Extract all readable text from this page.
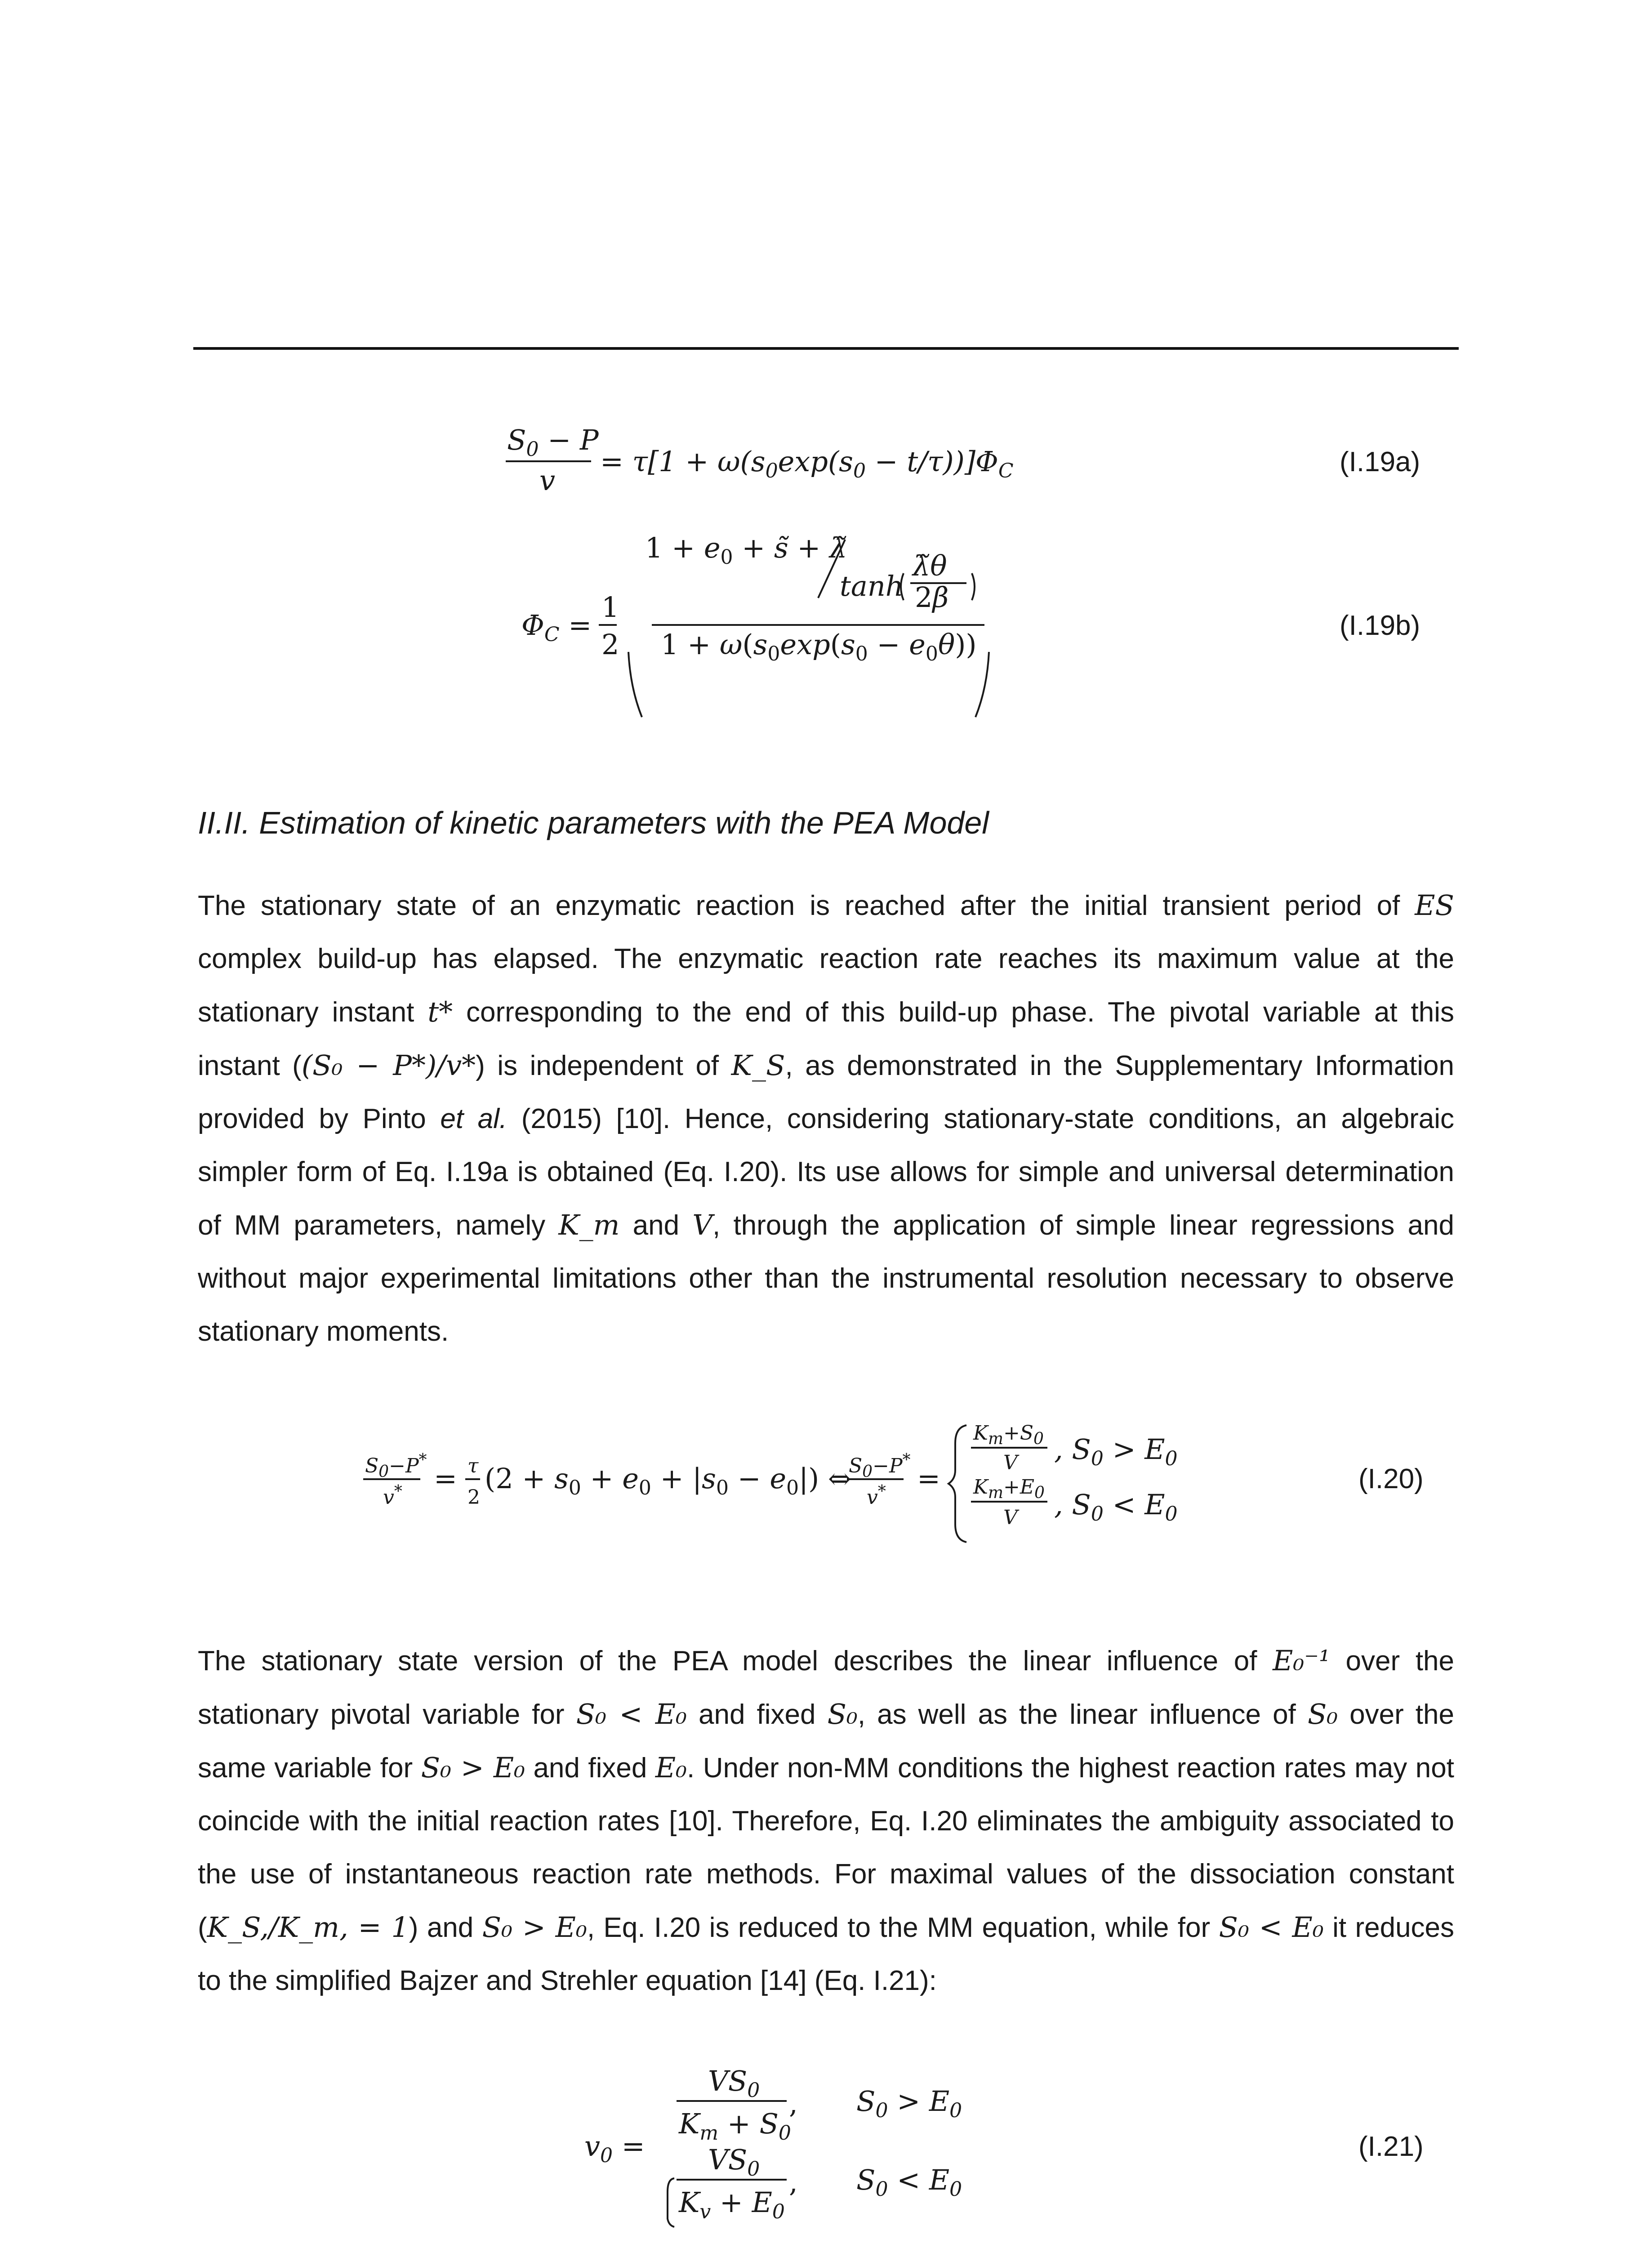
$S_0 - P$
v
= $\tau[1 + \omega(s_0\exp(s_0 - t/\tau))]\Phi_C$	(I.19a)
$\Phi_C$ =
1
2
$1 + e_0$ + s̃ + λ̃
tanh
λ̃θ
2β
$1 + \omega(s_0\exp(s_0 - e_0\theta))$
(I.19b)
II.II. Estimation of kinetic parameters with the PEA Model

The stationary state of an enzymatic reaction is reached after the initial transient period of ES complex build-up has elapsed. The enzymatic reaction rate reaches its maximum value at the stationary instant t* corresponding to the end of this build-up phase. The pivotal variable at this instant ((S₀ − P*)/v*) is independent of K_S, as demonstrated in the Supplementary Information provided by Pinto et al. (2015) [10]. Hence, considering stationary-state conditions, an algebraic simpler form of Eq. I.19a is obtained (Eq. I.20). Its use allows for simple and universal determination of MM parameters, namely K_m and V, through the application of simple linear regressions and without major experimental limitations other than the instrumental resolution necessary to observe stationary moments.

$S_0-P^*$
v* = τ
2
$(2 + s_0 + e_0 + |s_0 - e_0|)$ ⇔
$S_0-P^*$
v* =
$K_m+S_0$
V , $S_0 > E_0$
$K_m+E_0$
V , $S_0 < E_0$
(I.20)

The stationary state version of the PEA model describes the linear influence of E₀⁻¹ over the stationary pivotal variable for S₀ < E₀ and fixed S₀, as well as the linear influence of S₀ over the same variable for S₀ > E₀ and fixed E₀. Under non-MM conditions the highest reaction rates may not coincide with the initial reaction rates [10]. Therefore, Eq. I.20 eliminates the ambiguity associated to the use of instantaneous reaction rate methods. For maximal values of the dissociation constant (K_S,/K_m, = 1) and S₀ > E₀, Eq. I.20 is reduced to the MM equation, while for S₀ < E₀ it reduces to the simplified Bajzer and Strehler equation [14] (Eq. I.21):

$v_0$ =
$VS_0$
$K_m + S_0$
, $S_0 > E_0$
$VS_0$
$K_v + E_0$
, $S_0 < E_0$
(I.21)
